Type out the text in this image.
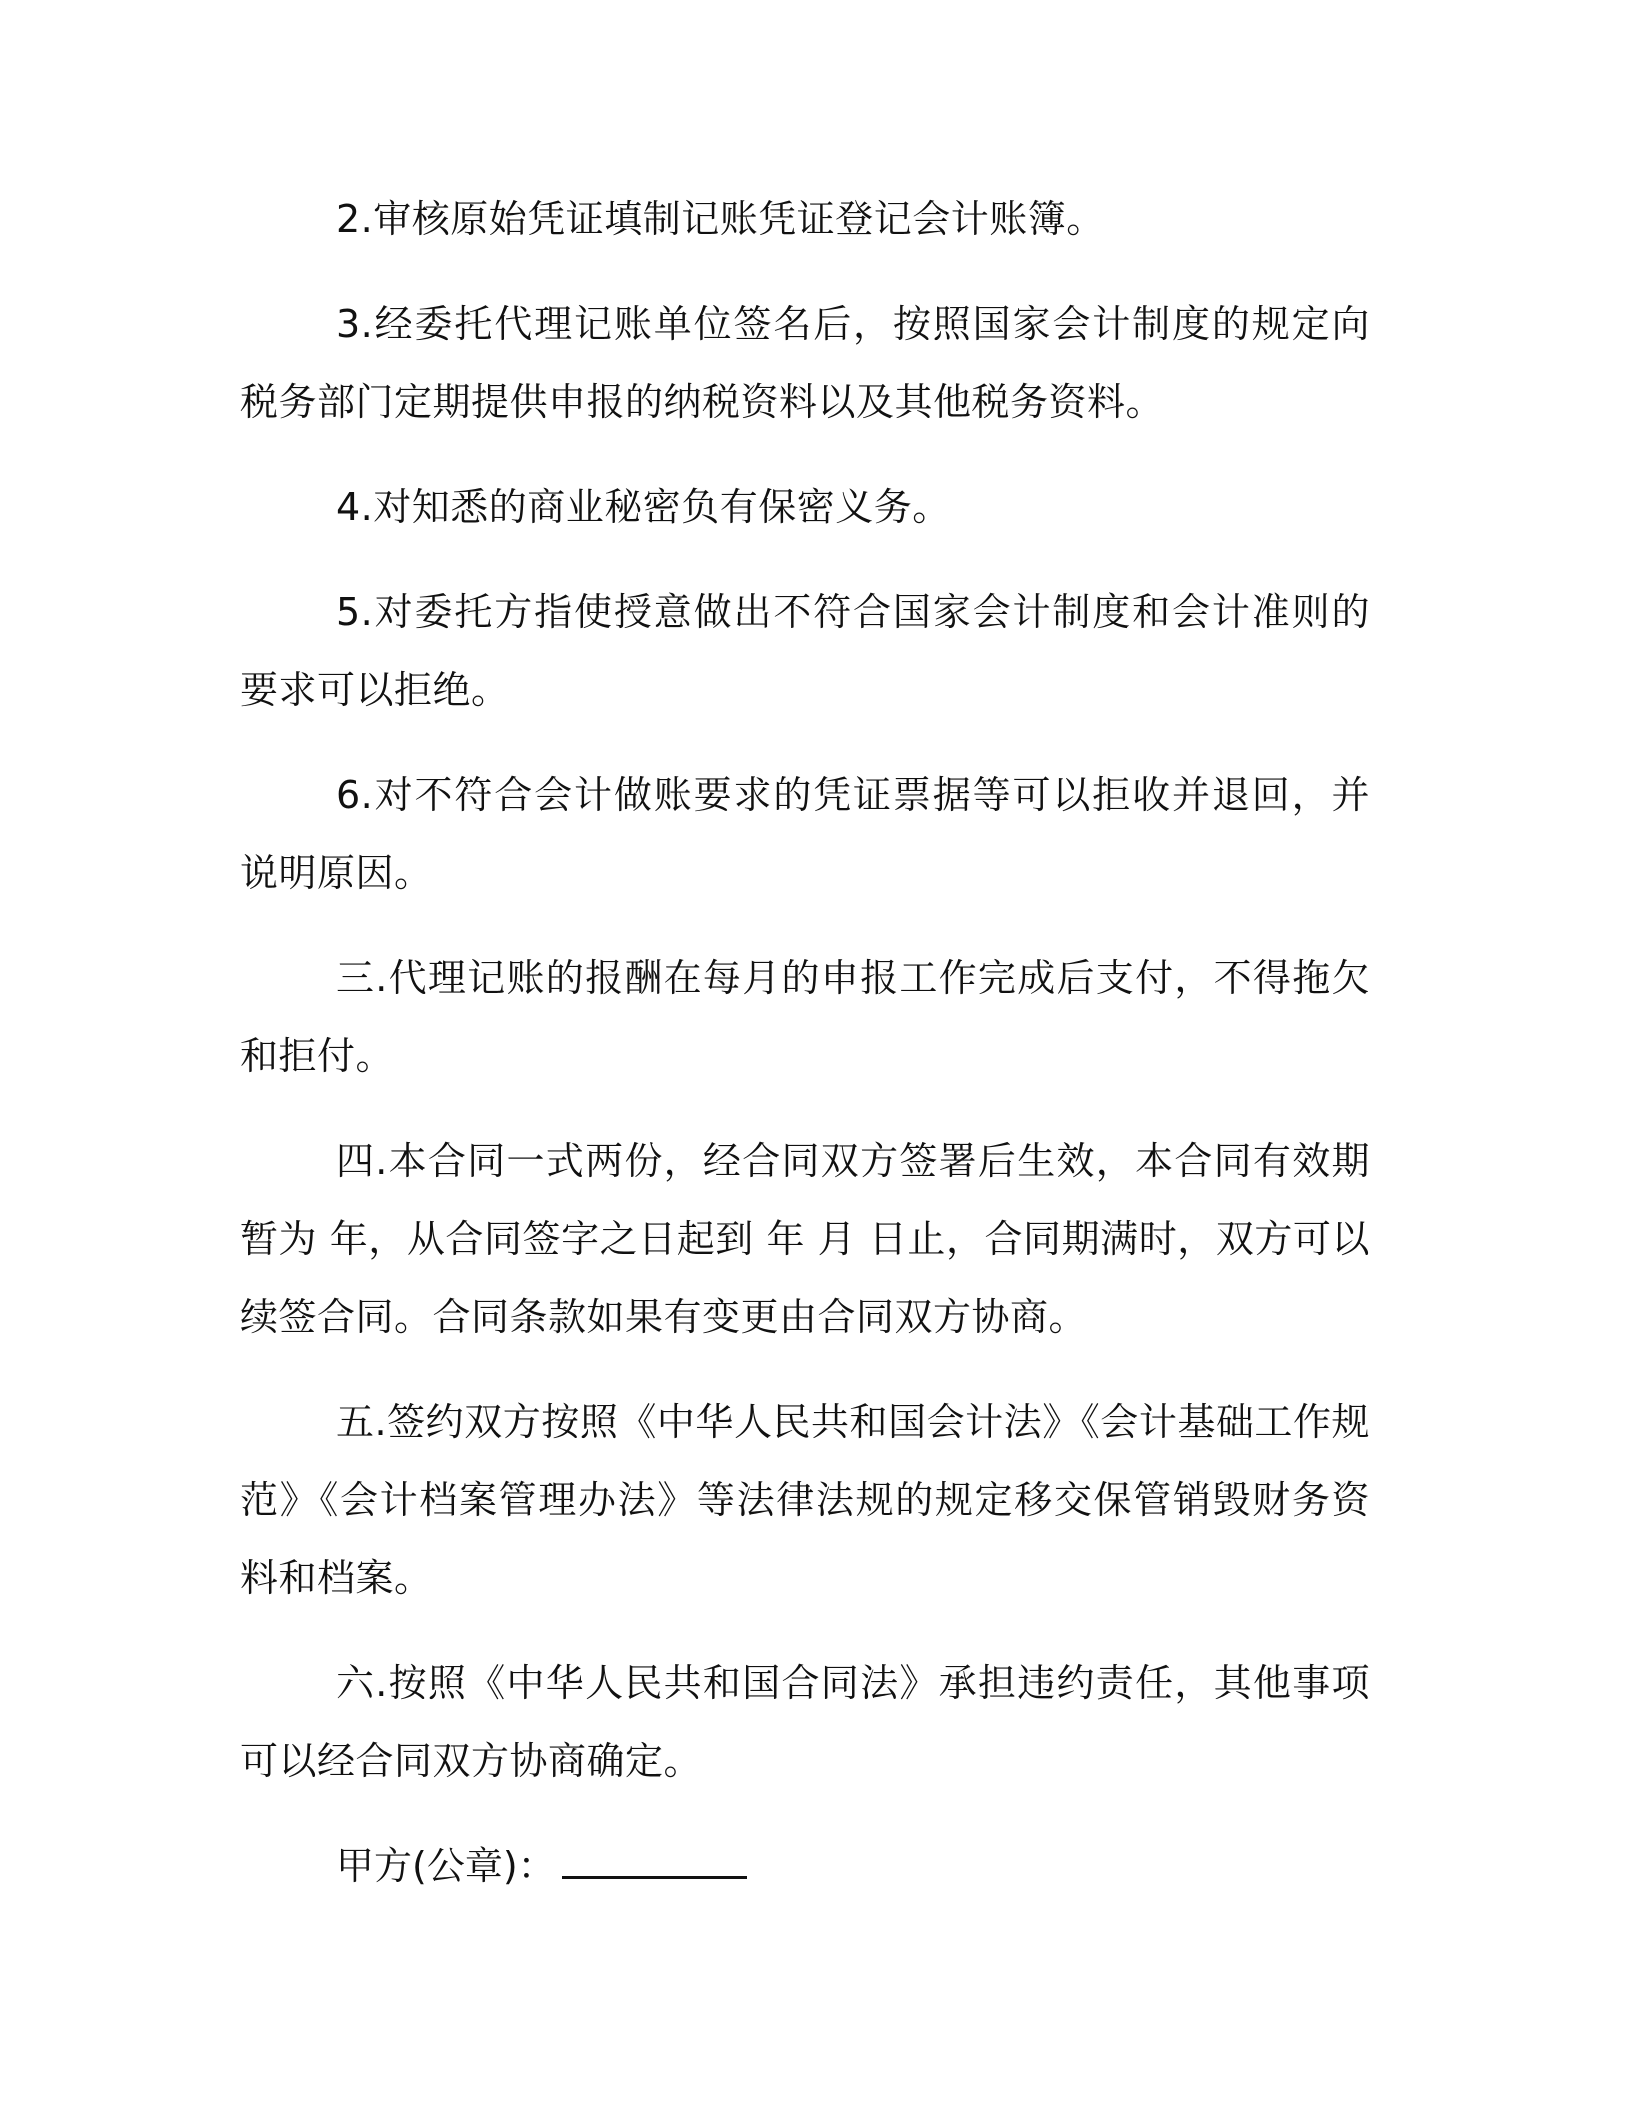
2.审核原始凭证填制记账凭证登记会计账簿。

3.经委托代理记账单位签名后，按照国家会计制度的规定向税务部门定期提供申报的纳税资料以及其他税务资料。

4.对知悉的商业秘密负有保密义务。

5.对委托方指使授意做出不符合国家会计制度和会计准则的要求可以拒绝。

6.对不符合会计做账要求的凭证票据等可以拒收并退回，并说明原因。

三.代理记账的报酬在每月的申报工作完成后支付，不得拖欠和拒付。

四.本合同一式两份，经合同双方签署后生效，本合同有效期暂为 年，从合同签字之日起到 年 月 日止，合同期满时，双方可以续签合同。合同条款如果有变更由合同双方协商。

五.签约双方按照《中华人民共和国会计法》《会计基础工作规范》《会计档案管理办法》等法律法规的规定移交保管销毁财务资料和档案。

六.按照《中华人民共和国合同法》承担违约责任，其他事项可以经合同双方协商确定。

甲方(公章)：
